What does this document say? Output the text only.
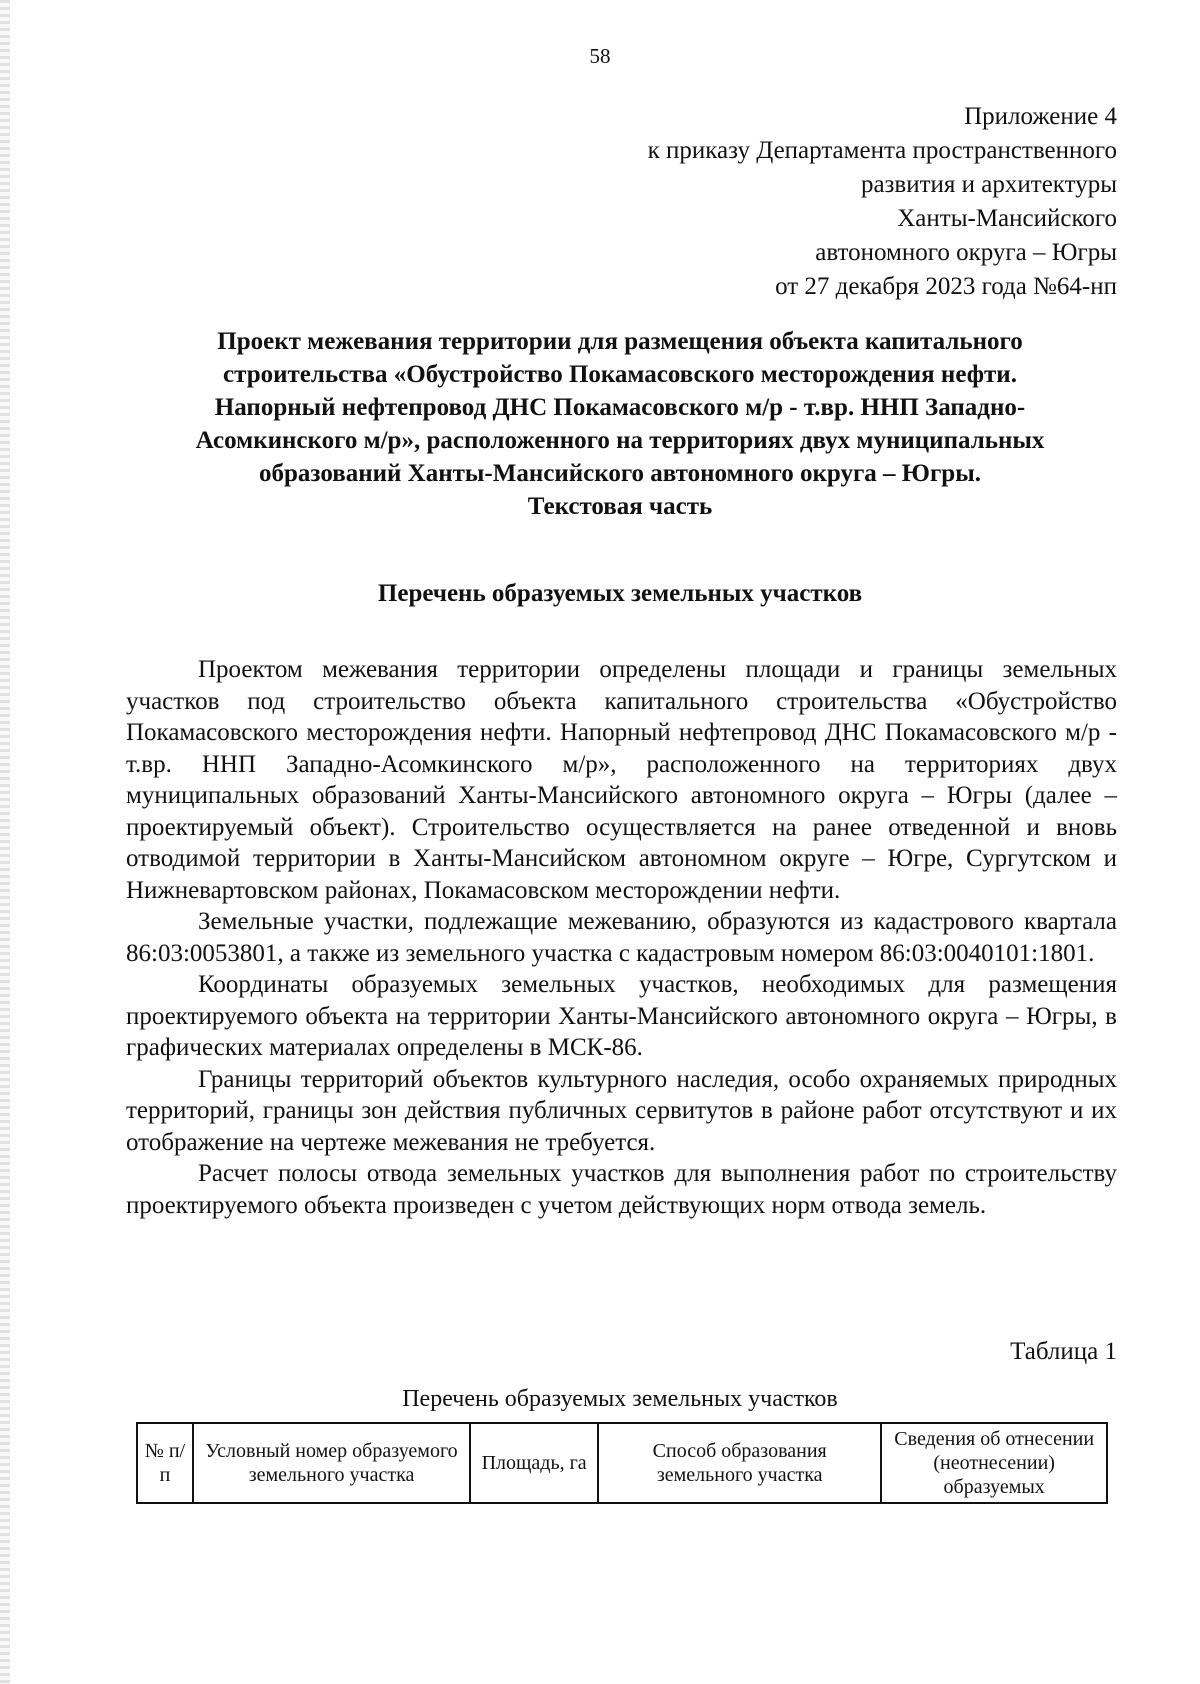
58
Приложение 4
к приказу Департамента пространственного
развития и архитектуры
Ханты-Мансийского
автономного округа – Югры
от 27 декабря 2023 года №64-нп
Проект межевания территории для размещения объекта капитального
строительства «Обустройство Покамасовского месторождения нефти.
Напорный нефтепровод ДНС Покамасовского м/р - т.вр. ННП Западно-
Асомкинского м/р», расположенного на территориях двух муниципальных
образований Ханты-Мансийского автономного округа – Югры.
Текстовая часть
Перечень образуемых земельных участков

Проектом межевания территории определены площади и границы земельных участков под строительство объекта капитального строительства «Обустройство Покамасовского месторождения нефти. Напорный нефтепровод ДНС Покамасовского м/р - т.вр. ННП Западно-Асомкинского м/р», расположенного на территориях двух муниципальных образований Ханты-Мансийского автономного округа – Югры (далее – проектируемый объект). Строительство осуществляется на ранее отведенной и вновь отводимой территории в Ханты-Мансийском автономном округе – Югре, Сургутском и Нижневартовском районах, Покамасовском месторождении нефти.

Земельные участки, подлежащие межеванию, образуются из кадастрового квартала 86:03:0053801, а также из земельного участка с кадастровым номером 86:03:0040101:1801.

Координаты образуемых земельных участков, необходимых для размещения проектируемого объекта на территории Ханты-Мансийского автономного округа – Югры, в графических материалах определены в МСК-86.

Границы территорий объектов культурного наследия, особо охраняемых природных территорий, границы зон действия публичных сервитутов в районе работ отсутствуют и их отображение на чертеже межевания не требуется.

Расчет полосы отвода земельных участков для выполнения работ по строительству проектируемого объекта произведен с учетом действующих норм отвода земель.

Таблица 1
Перечень образуемых земельных участков
№ п/п	Условный номер образуемого земельного участка	Площадь, га	Способ образования земельного участка	Сведения об отнесении (неотнесении) образуемых
